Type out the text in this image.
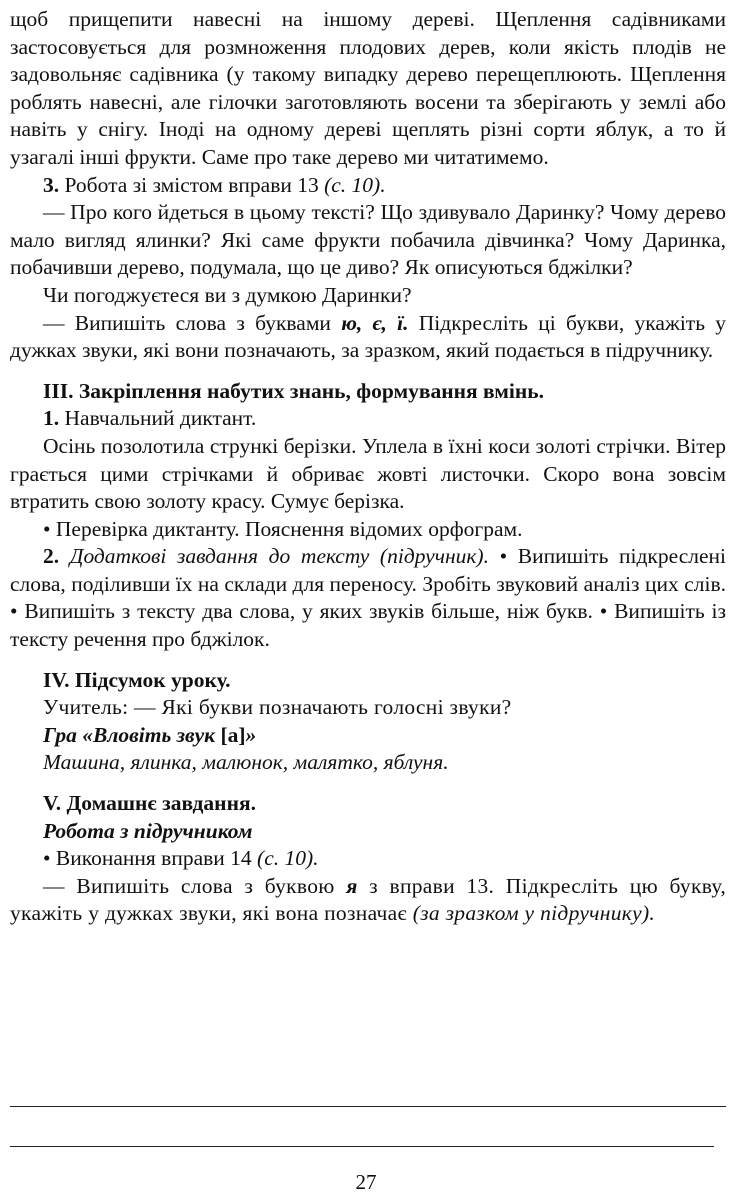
щоб прищепити навесні на іншому дереві. Щеплення садівниками застосовується для розмноження плодових дерев, коли якість плодів не задовольняє садівника (у такому випадку дерево перещеплюють. Щеплення роблять навесні, але гілочки заготовляють восени та зберігають у землі або навіть у снігу. Іноді на одному дереві щеплять різні сорти яблук, а то й узагалі інші фрукти. Саме про таке дерево ми читатимемо.

3. Робота зі змістом вправи 13 (с. 10).

— Про кого йдеться в цьому тексті? Що здивувало Даринку? Чому дерево мало вигляд ялинки? Які саме фрукти побачила дівчинка? Чому Даринка, побачивши дерево, подумала, що це диво? Як описуються бджілки?

Чи погоджуєтеся ви з думкою Даринки?

— Випишіть слова з буквами ю, є, ї. Підкресліть ці букви, укажіть у дужках звуки, які вони позначають, за зразком, який подається в підручнику.

ІІІ. Закріплення набутих знань, формування вмінь.

1. Навчальний диктант.

Осінь позолотила стрункі берізки. Уплела в їхні коси золоті стрічки. Вітер грається цими стрічками й обриває жовті листочки. Скоро вона зовсім втратить свою золоту красу. Сумує берізка.

• Перевірка диктанту. Пояснення відомих орфограм.

2. Додаткові завдання до тексту (підручник). • Випишіть підкреслені слова, поділивши їх на склади для переносу. Зробіть звуковий аналіз цих слів. • Випишіть з тексту два слова, у яких звуків більше, ніж букв. • Випишіть із тексту речення про бджілок.

IV. Підсумок уроку.

Учитель: — Які букви позначають голосні звуки?

Гра «Вловіть звук [а]»

Машина, ялинка, малюнок, малятко, яблуня.

V. Домашнє завдання.

Робота з підручником

• Виконання вправи 14 (с. 10).

— Випишіть слова з буквою я з вправи 13. Підкресліть цю букву, укажіть у дужках звуки, які вона позначає (за зразком у підручнику).

27
